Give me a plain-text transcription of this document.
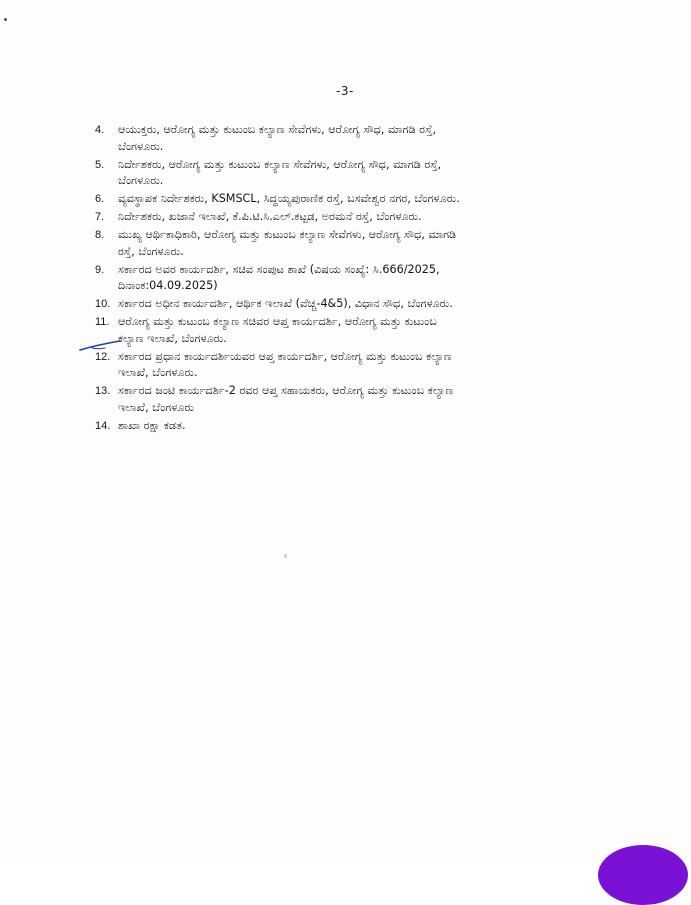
-3-
4.	ಆಯುಕ್ತರು, ಆರೋಗ್ಯ ಮತ್ತು ಕುಟುಂಬ ಕಲ್ಯಾಣ ಸೇವೆಗಳು, ಆರೋಗ್ಯ ಸೌಧ, ಮಾಗಡಿ ರಸ್ತೆ,
ಬೆಂಗಳೂರು.
5.	ನಿರ್ದೇಶಕರು, ಆರೋಗ್ಯ ಮತ್ತು ಕುಟುಂಬ ಕಲ್ಯಾಣ ಸೇವೆಗಳು, ಆರೋಗ್ಯ ಸೌಧ, ಮಾಗಡಿ ರಸ್ತೆ,
ಬೆಂಗಳೂರು.
6.	ವ್ಯವಸ್ಥಾಪಕ ನಿರ್ದೇಶಕರು, KSMSCL, ಸಿದ್ಧಯ್ಯಪುರಾಣಿಕ ರಸ್ತೆ, ಬಸವೇಶ್ವರ ನಗರ, ಬೆಂಗಳೂರು.
7.	ನಿರ್ದೇಶಕರು, ಖಜಾನೆ ಇಲಾಖೆ, ಕೆ.ಪಿ.ಟಿ.ಸಿ.ಎಲ್.ಕಟ್ಟಡ, ಅರಮನೆ ರಸ್ತೆ, ಬೆಂಗಳೂರು.
8.	ಮುಖ್ಯ ಆರ್ಥಿಕಾಧಿಕಾರಿ, ಆರೋಗ್ಯ ಮತ್ತು ಕುಟುಂಬ ಕಲ್ಯಾಣ ಸೇವೆಗಳು, ಆರೋಗ್ಯ ಸೌಧ, ಮಾಗಡಿ
ರಸ್ತೆ, ಬೆಂಗಳೂರು.
9.	ಸರ್ಕಾರದ ಅವರ ಕಾರ್ಯದರ್ಶಿ, ಸಚಿವ ಸಂಪುಟ ಶಾಖೆ (ವಿಷಯ ಸಂಖ್ಯೆ: ಸಿ.666/2025,
ದಿನಾಂಕ:04.09.2025)
10. ಸರ್ಕಾರದ ಅಧೀನ ಕಾರ್ಯದರ್ಶಿ, ಆರ್ಥಿಕ ಇಲಾಖೆ (ವೆಚ್ಚ-4&5), ವಿಧಾನ ಸೌಧ, ಬೆಂಗಳೂರು.
11. ಆರೋಗ್ಯ ಮತ್ತು ಕುಟುಂಬ ಕಲ್ಯಾಣ ಸಚಿವರ ಆಪ್ತ ಕಾರ್ಯದರ್ಶಿ, ಆರೋಗ್ಯ ಮತ್ತು ಕುಟುಂಬ
ಕಲ್ಯಾಣ ಇಲಾಖೆ, ಬೆಂಗಳೂರು.
12. ಸರ್ಕಾರದ ಪ್ರಧಾನ ಕಾರ್ಯದರ್ಶಿಯವರ ಆಪ್ತ ಕಾರ್ಯದರ್ಶಿ, ಆರೋಗ್ಯ ಮತ್ತು ಕುಟುಂಬ ಕಲ್ಯಾಣ
ಇಲಾಖೆ, ಬೆಂಗಳೂರು.
13. ಸರ್ಕಾರದ ಜಂಟಿ ಕಾರ್ಯದರ್ಶಿ-2 ರವರ ಆಪ್ತ ಸಹಾಯಕರು, ಆರೋಗ್ಯ ಮತ್ತು ಕುಟುಂಬ ಕಲ್ಯಾಣ
ಇಲಾಖೆ, ಬೆಂಗಳೂರು
14. ಶಾಖಾ ರಕ್ಷಾ ಕಡತ.
